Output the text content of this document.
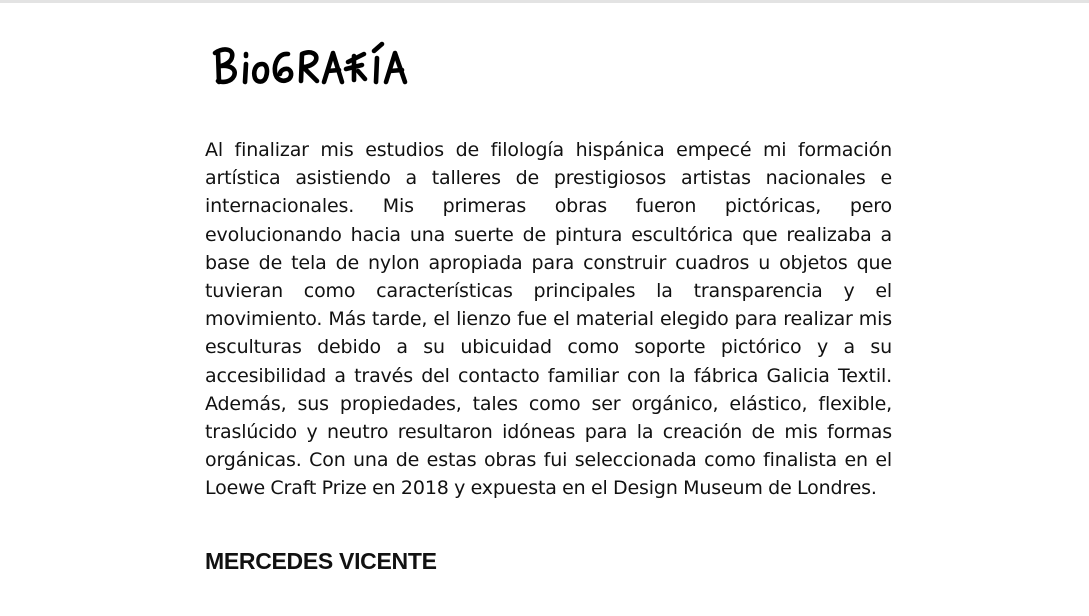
Al finalizar mis estudios de filología hispánica empecé mi formación artística asistiendo a talleres de prestigiosos artistas nacionales e internacionales. Mis primeras obras fueron pictóricas, pero evolucionando hacia una suerte de pintura escultórica que realizaba a base de tela de nylon apropiada para construir cuadros u objetos que tuvieran como características principales la transparencia y el movimiento. Más tarde, el lienzo fue el material elegido para realizar mis esculturas debido a su ubicuidad como soporte pictórico y a su accesibilidad a través del contacto familiar con la fábrica Galicia Textil. Además, sus propiedades, tales como ser orgánico, elástico, flexible, traslúcido y neutro resultaron idóneas para la creación de mis formas orgánicas. Con una de estas obras fui seleccionada como finalista en el Loewe Craft Prize en 2018 y expuesta en el Design Museum de Londres.

MERCEDES VICENTE
